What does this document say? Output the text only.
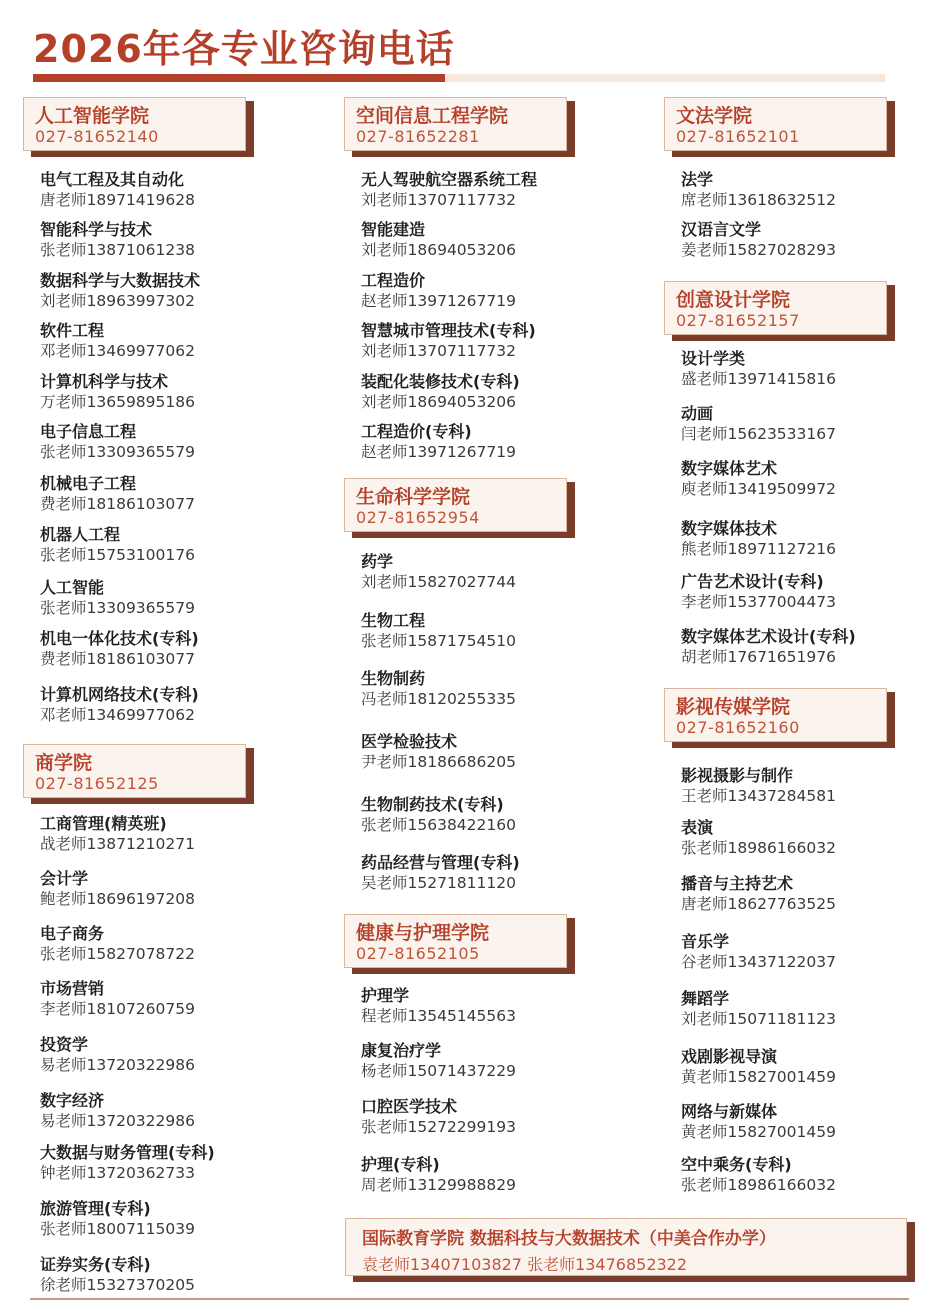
2026年各专业咨询电话
人工智能学院
027-81652140
电气工程及其自动化
唐老师18971419628
智能科学与技术
张老师13871061238
数据科学与大数据技术
刘老师18963997302
软件工程
邓老师13469977062
计算机科学与技术
万老师13659895186
电子信息工程
张老师13309365579
机械电子工程
费老师18186103077
机器人工程
张老师15753100176
人工智能
张老师13309365579
机电一体化技术(专科)
费老师18186103077
计算机网络技术(专科)
邓老师13469977062
商学院
027-81652125
工商管理(精英班)
战老师13871210271
会计学
鲍老师18696197208
电子商务
张老师15827078722
市场营销
李老师18107260759
投资学
易老师13720322986
数字经济
易老师13720322986
大数据与财务管理(专科)
钟老师13720362733
旅游管理(专科)
张老师18007115039
证券实务(专科)
徐老师15327370205
空间信息工程学院
027-81652281
无人驾驶航空器系统工程
刘老师13707117732
智能建造
刘老师18694053206
工程造价
赵老师13971267719
智慧城市管理技术(专科)
刘老师13707117732
装配化装修技术(专科)
刘老师18694053206
工程造价(专科)
赵老师13971267719
生命科学学院
027-81652954
药学
刘老师15827027744
生物工程
张老师15871754510
生物制药
冯老师18120255335
医学检验技术
尹老师18186686205
生物制药技术(专科)
张老师15638422160
药品经营与管理(专科)
吴老师15271811120
健康与护理学院
027-81652105
护理学
程老师13545145563
康复治疗学
杨老师15071437229
口腔医学技术
张老师15272299193
护理(专科)
周老师13129988829
文法学院
027-81652101
法学
席老师13618632512
汉语言文学
姜老师15827028293
创意设计学院
027-81652157
设计学类
盛老师13971415816
动画
闫老师15623533167
数字媒体艺术
庾老师13419509972
数字媒体技术
熊老师18971127216
广告艺术设计(专科)
李老师15377004473
数字媒体艺术设计(专科)
胡老师17671651976
影视传媒学院
027-81652160
影视摄影与制作
王老师13437284581
表演
张老师18986166032
播音与主持艺术
唐老师18627763525
音乐学
谷老师13437122037
舞蹈学
刘老师15071181123
戏剧影视导演
黄老师15827001459
网络与新媒体
黄老师15827001459
空中乘务(专科)
张老师18986166032
国际教育学院 数据科技与大数据技术（中美合作办学）
袁老师13407103827 张老师13476852322
